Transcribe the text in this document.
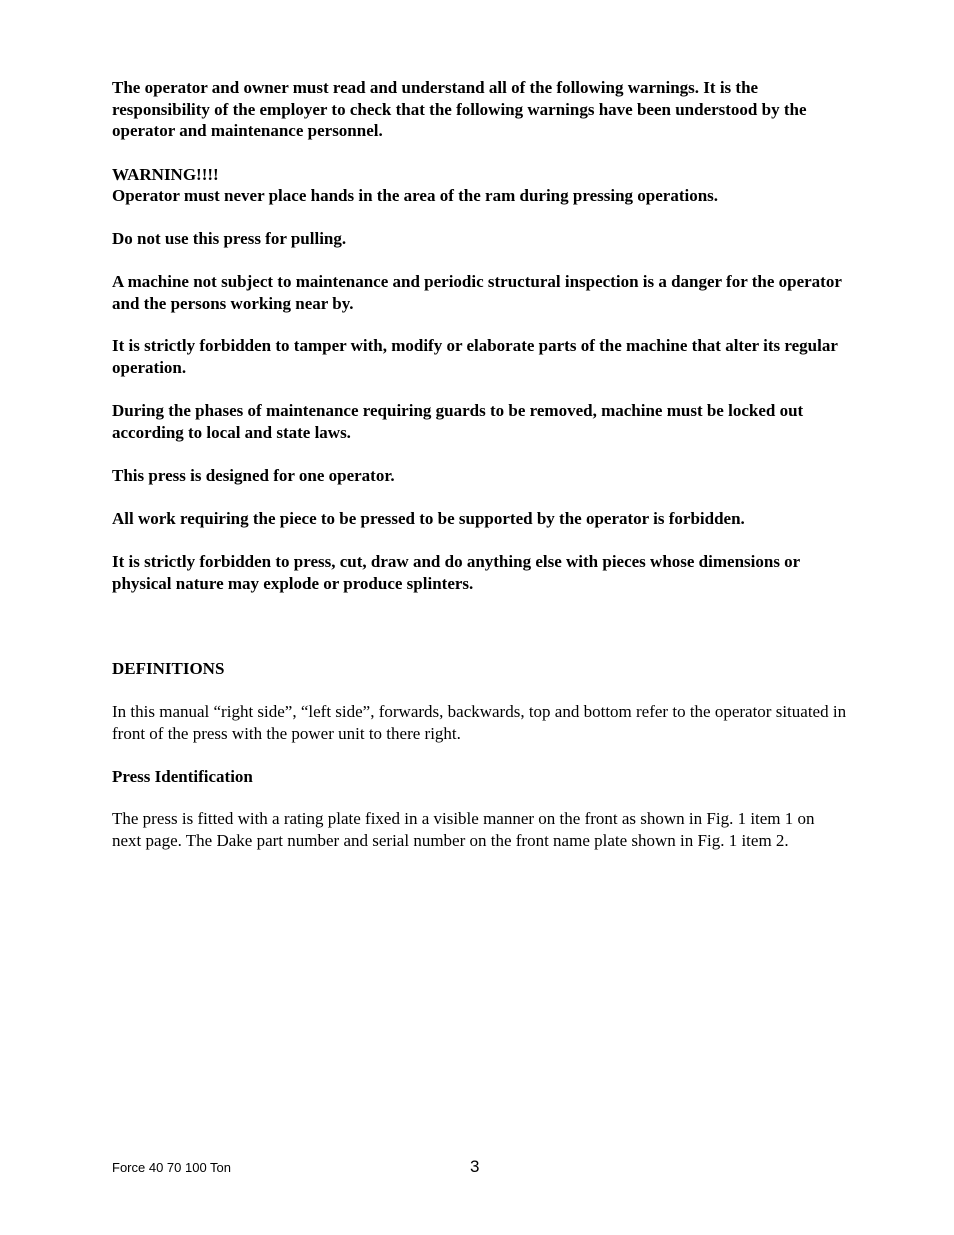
The operator and owner must read and understand all of the following warnings. It is the responsibility of the employer to check that the following warnings have been understood by the operator and maintenance personnel.

WARNING!!!!

Operator must never place hands in the area of the ram during pressing operations.

Do not use this press for pulling.

A machine not subject to maintenance and periodic structural inspection is a danger for the operator and the persons working near by.

It is strictly forbidden to tamper with, modify or elaborate parts of the machine that alter its regular operation.

During the phases of maintenance requiring guards to be removed, machine must be locked out according to local and state laws.

This press is designed for one operator.

All work requiring the piece to be pressed to be supported by the operator is forbidden.

It is strictly forbidden to press, cut, draw and do anything else with pieces whose dimensions or physical nature may explode or produce splinters.

DEFINITIONS

In this manual “right side”, “left side”, forwards, backwards, top and bottom refer to the operator situated in front of the press with the power unit to there right.

Press Identification

The press is fitted with a rating plate fixed in a visible manner on the front as shown in Fig. 1 item 1 on next page. The Dake part number and serial number on the front name plate shown in Fig. 1 item 2.

Force 40 70 100 Ton	3
